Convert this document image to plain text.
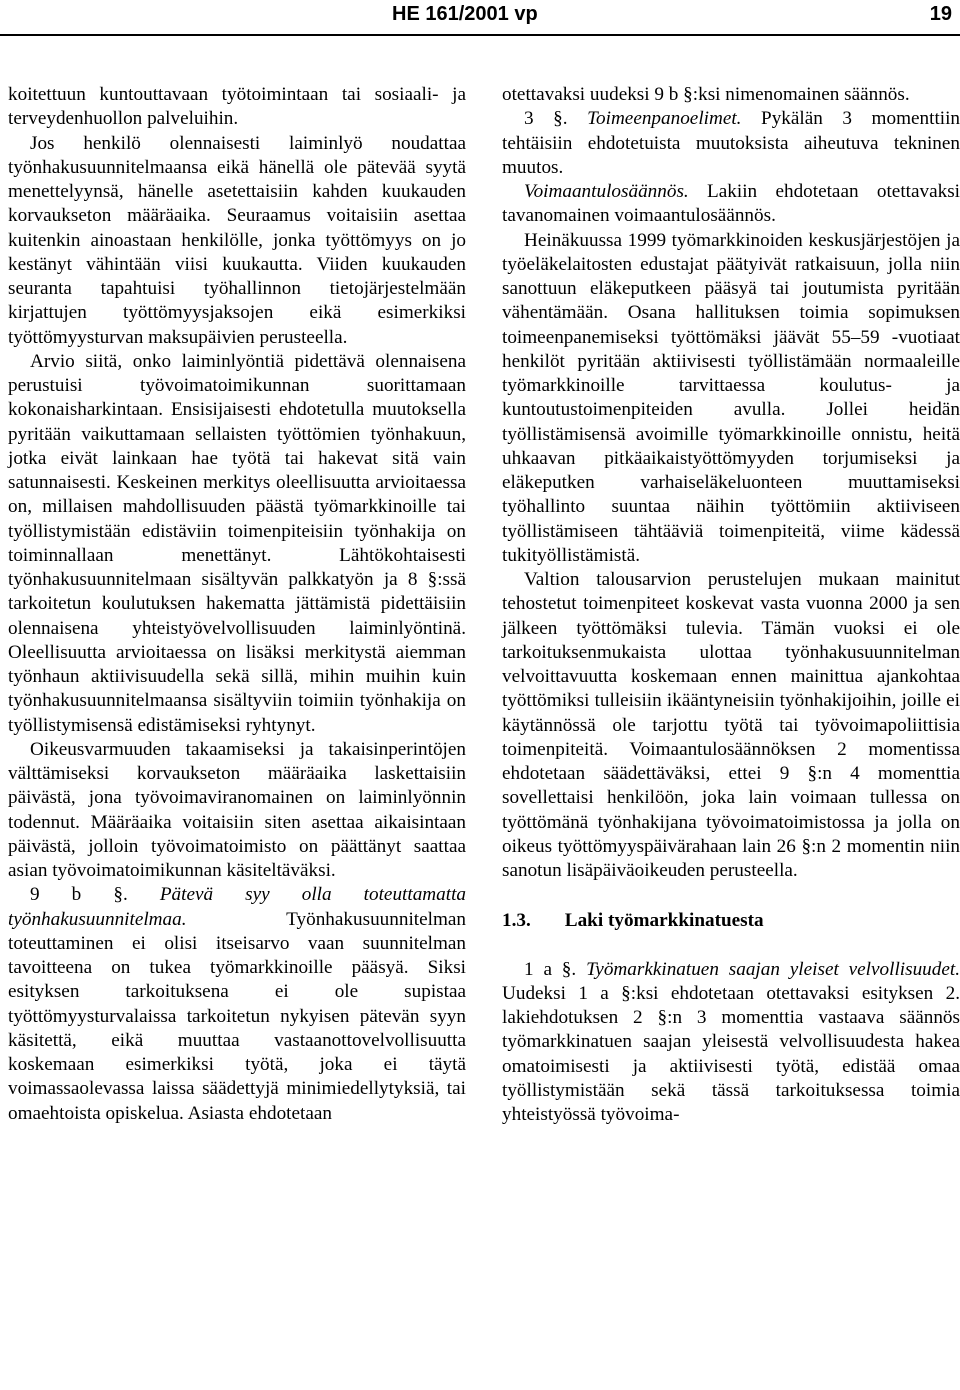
HE 161/2001 vp	19

koitettuun kuntouttavaan työtoimintaan tai sosiaali- ja terveydenhuollon palveluihin.

Jos henkilö olennaisesti laiminlyö noudattaa työnhakusuunnitelmaansa eikä hänellä ole pätevää syytä menettelyynsä, hänelle asetettaisiin kahden kuukauden korvaukseton määräaika. Seuraamus voitaisiin asettaa kuitenkin ainoastaan henkilölle, jonka työttömyys on jo kestänyt vähintään viisi kuukautta. Viiden kuukauden seuranta tapahtuisi työhallinnon tietojärjestelmään kirjattujen työttömyysjaksojen eikä esimerkiksi työttömyysturvan maksupäivien perusteella.

Arvio siitä, onko laiminlyöntiä pidettävä olennaisena perustuisi työvoimatoimikunnan suorittamaan kokonaisharkintaan. Ensisijaisesti ehdotetulla muutoksella pyritään vaikuttamaan sellaisten työttömien työnhakuun, jotka eivät lainkaan hae työtä tai hakevat sitä vain satunnaisesti. Keskeinen merkitys oleellisuutta arvioitaessa on, millaisen mahdollisuuden päästä työmarkkinoille tai työllistymistään edistäviin toimenpiteisiin työnhakija on toiminnallaan menettänyt. Lähtökohtaisesti työnhakusuunnitelmaan sisältyvän palkkatyön ja 8 §:ssä tarkoitetun koulutuksen hakematta jättämistä pidettäisiin olennaisena yhteistyövelvollisuuden laiminlyöntinä. Oleellisuutta arvioitaessa on lisäksi merkitystä aiemman työnhaun aktiivisuudella sekä sillä, mihin muihin kuin työnhakusuunnitelmaansa sisältyviin toimiin työnhakija on työllistymisensä edistämiseksi ryhtynyt.

Oikeusvarmuuden takaamiseksi ja takaisinperintöjen välttämiseksi korvaukseton määräaika laskettaisiin päivästä, jona työvoimaviranomainen on laiminlyönnin todennut. Määräaika voitaisiin siten asettaa aikaisintaan päivästä, jolloin työvoimatoimisto on päättänyt saattaa asian työvoimatoimikunnan käsiteltäväksi.

9 b §. Pätevä syy olla toteuttamatta työnhakusuunnitelmaa.	Työnhakusuunnitelman toteuttaminen ei olisi itseisarvo vaan suunnitelman tavoitteena on tukea työmarkkinoille pääsyä. Siksi esityksen tarkoituksena ei ole supistaa työttömyysturvalaissa tarkoitetun nykyisen pätevän syyn käsitettä, eikä muuttaa vastaanottovelvollisuutta koskemaan esimerkiksi työtä, joka ei täytä voimassaolevassa laissa säädettyjä minimiedellytyksiä, tai omaehtoista opiskelua. Asiasta ehdotetaan

otettavaksi uudeksi 9 b §:ksi nimenomainen säännös.

3 §. Toimeenpanoelimet. Pykälän 3 momenttiin tehtäisiin ehdotetuista muutoksista aiheutuva tekninen muutos.

Voimaantulosäännös. Lakiin ehdotetaan otettavaksi tavanomainen voimaantulosäännös.

Heinäkuussa 1999 työmarkkinoiden keskusjärjestöjen ja työeläkelaitosten edustajat päätyivät ratkaisuun, jolla niin sanottuun eläkeputkeen pääsyä tai joutumista pyritään vähentämään. Osana hallituksen toimia sopimuksen toimeenpanemiseksi työttömäksi jäävät 55–59 -vuotiaat henkilöt pyritään aktiivisesti työllistämään normaaleille työmarkkinoille tarvittaessa koulutus- ja kuntoutustoimenpiteiden avulla. Jollei heidän työllistämisensä avoimille työmarkkinoille onnistu, heitä uhkaavan pitkäaikaistyöttömyyden torjumiseksi ja eläkeputken varhaiseläkeluonteen muuttamiseksi työhallinto suuntaa näihin työttömiin aktiiviseen työllistämiseen tähtääviä toimenpiteitä, viime kädessä tukityöllistämistä.

Valtion talousarvion perustelujen mukaan mainitut tehostetut toimenpiteet koskevat vasta vuonna 2000 ja sen jälkeen työttömäksi tulevia. Tämän vuoksi ei ole tarkoituksenmukaista ulottaa työnhakusuunnitelman velvoittavuutta koskemaan ennen mainittua ajankohtaa työttömiksi tulleisiin ikääntyneisiin työnhakijoihin, joille ei käytännössä ole tarjottu työtä tai työvoimapoliittisia toimenpiteitä. Voimaantulosäännöksen 2 momentissa ehdotetaan säädettäväksi, ettei 9 §:n 4 momenttia sovellettaisi henkilöön, joka lain voimaan tullessa on työttömänä työnhakijana työvoimatoimistossa ja jolla on oikeus työttömyyspäivärahaan lain 26 §:n 2 momentin niin sanotun lisäpäiväoikeuden perusteella.

1.3. Laki työmarkkinatuesta

1 a §. Työmarkkinatuen saajan yleiset velvollisuudet. Uudeksi 1 a §:ksi ehdotetaan otettavaksi esityksen 2. lakiehdotuksen 2 §:n 3 momenttia vastaava säännös työmarkkinatuen saajan yleisestä velvollisuudesta hakea omatoimisesti ja aktiivisesti työtä, edistää omaa työllistymistään sekä tässä tarkoituksessa toimia yhteistyössä työvoima-
